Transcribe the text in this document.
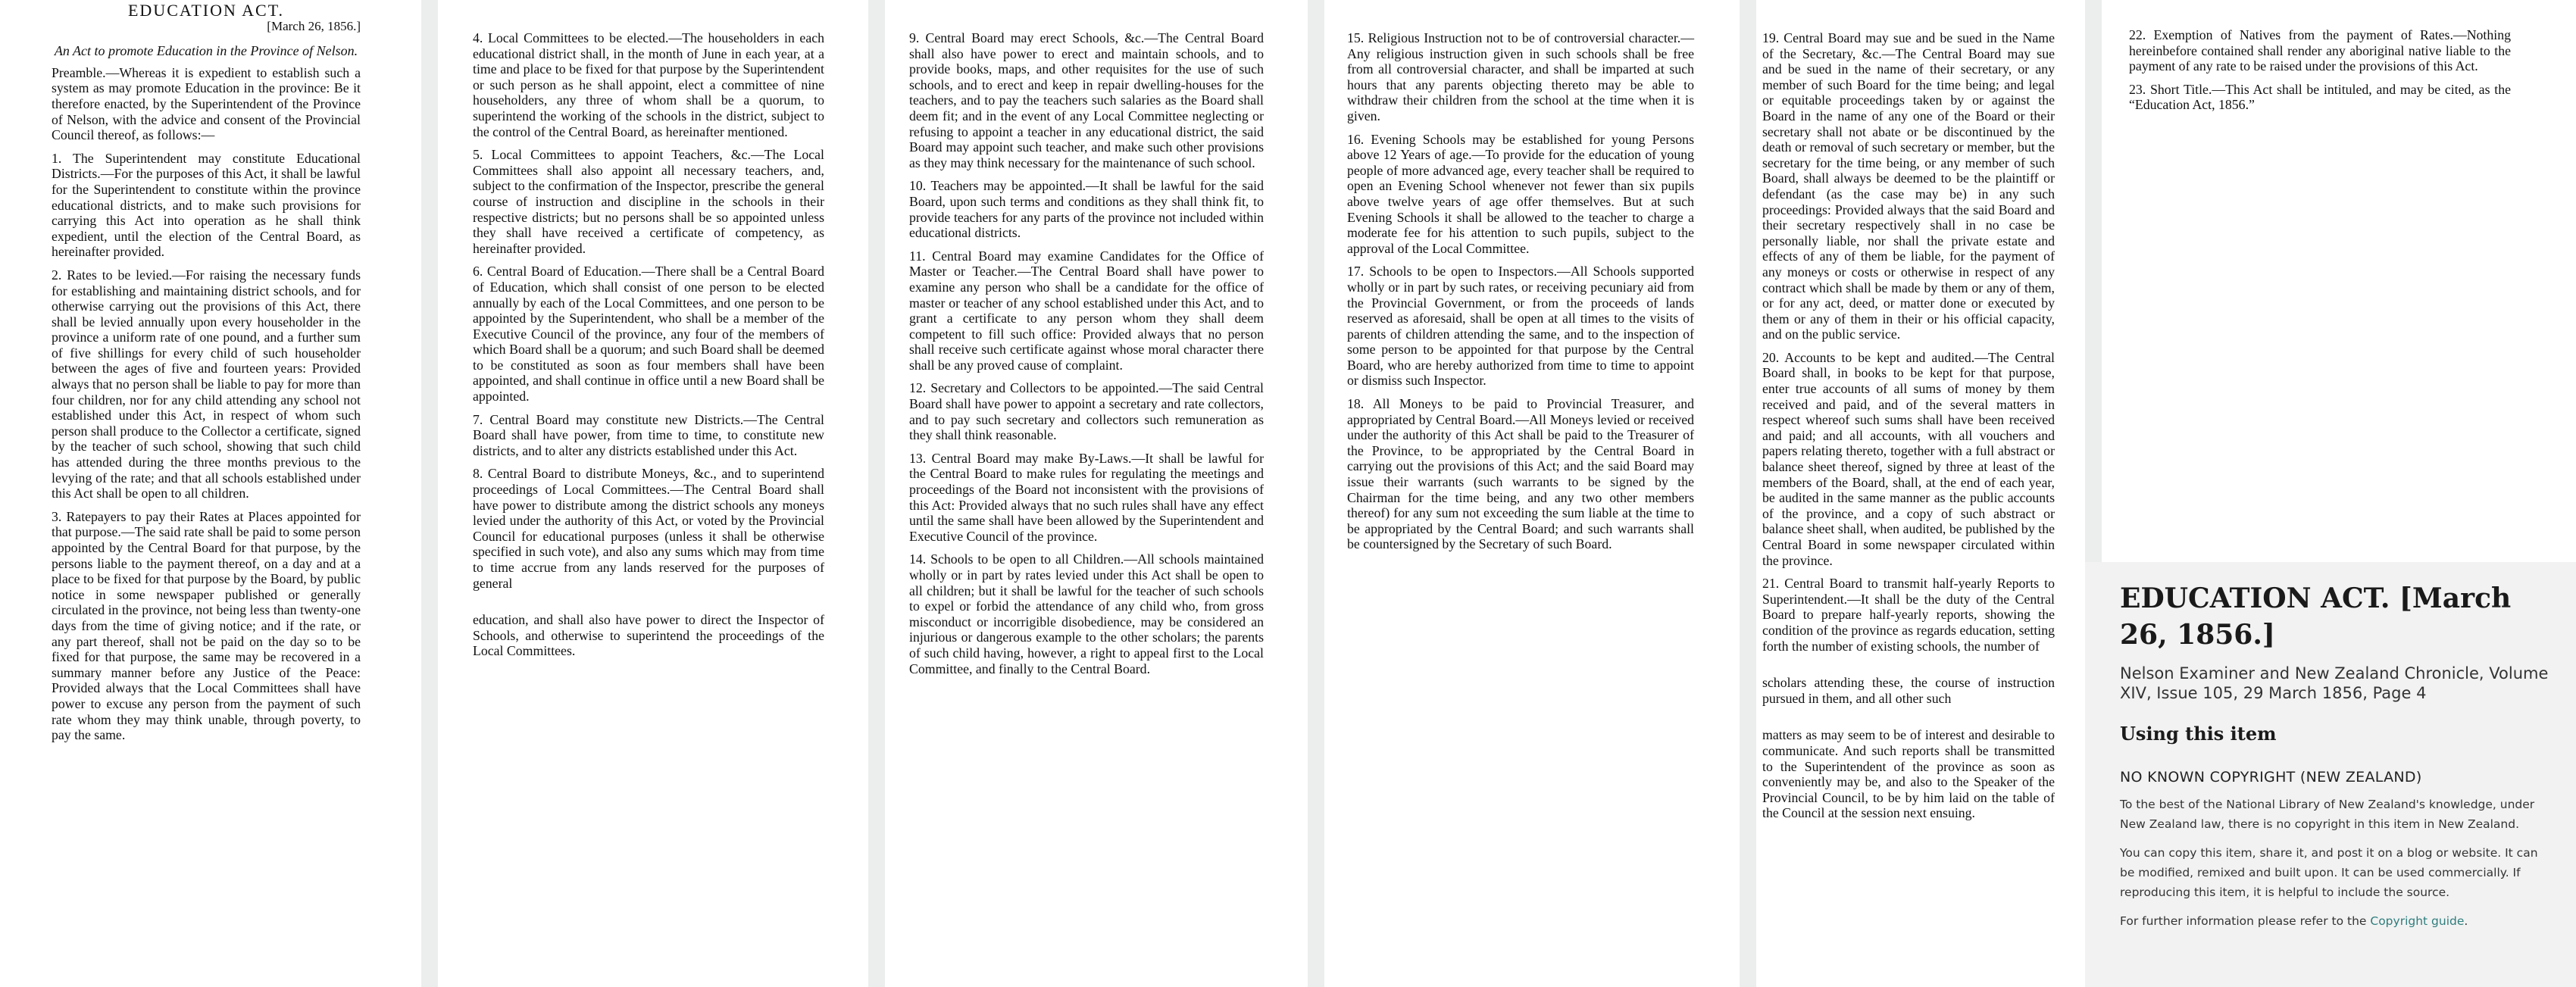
EDUCATION ACT.

[March 26, 1856.]

An Act to promote Education in the Province of Nelson.

Preamble.—Whereas it is expedient to establish such a system as may promote Education in the province: Be it therefore enacted, by the Superintendent of the Province of Nelson, with the advice and consent of the Provincial Council thereof, as follows:—

1. The Superintendent may constitute Educational Districts.—For the purposes of this Act, it shall be lawful for the Superintendent to constitute within the province educational districts, and to make such provisions for carrying this Act into operation as he shall think expedient, until the election of the Central Board, as hereinafter provided.

2. Rates to be levied.—For raising the necessary funds for establishing and maintaining district schools, and for otherwise carrying out the provisions of this Act, there shall be levied annually upon every householder in the province a uniform rate of one pound, and a further sum of five shillings for every child of such householder between the ages of five and fourteen years: Provided always that no person shall be liable to pay for more than four children, nor for any child attending any school not established under this Act, in respect of whom such person shall produce to the Collector a certificate, signed by the teacher of such school, showing that such child has attended during the three months previous to the levying of the rate; and that all schools established under this Act shall be open to all children.

3. Ratepayers to pay their Rates at Places appointed for that purpose.—The said rate shall be paid to some person appointed by the Central Board for that purpose, by the persons liable to the payment thereof, on a day and at a place to be fixed for that purpose by the Board, by public notice in some newspaper published or generally circulated in the province, not being less than twenty-one days from the time of giving notice; and if the rate, or any part thereof, shall not be paid on the day so to be fixed for that purpose, the same may be recovered in a summary manner before any Justice of the Peace: Provided always that the Local Committees shall have power to excuse any person from the payment of such rate whom they may think unable, through poverty, to pay the same.

4. Local Committees to be elected.—The householders in each educational district shall, in the month of June in each year, at a time and place to be fixed for that purpose by the Superintendent or such person as he shall appoint, elect a committee of nine householders, any three of whom shall be a quorum, to superintend the working of the schools in the district, subject to the control of the Central Board, as hereinafter mentioned.

5. Local Committees to appoint Teachers, &c.—The Local Committees shall also appoint all necessary teachers, and, subject to the confirmation of the Inspector, prescribe the general course of instruction and discipline in the schools in their respective districts; but no persons shall be so appointed unless they shall have received a certificate of competency, as hereinafter provided.

6. Central Board of Education.—There shall be a Central Board of Education, which shall consist of one person to be elected annually by each of the Local Committees, and one person to be appointed by the Superintendent, who shall be a member of the Executive Council of the province, any four of the members of which Board shall be a quorum; and such Board shall be deemed to be constituted as soon as four members shall have been appointed, and shall continue in office until a new Board shall be appointed.

7. Central Board may constitute new Districts.—The Central Board shall have power, from time to time, to constitute new districts, and to alter any districts established under this Act.

8. Central Board to distribute Moneys, &c., and to superintend proceedings of Local Committees.—The Central Board shall have power to distribute among the district schools any moneys levied under the authority of this Act, or voted by the Provincial Council for educational purposes (unless it shall be otherwise specified in such vote), and also any sums which may from time to time accrue from any lands reserved for the purposes of general

education, and shall also have power to direct the Inspector of Schools, and otherwise to superintend the proceedings of the Local Committees.

9. Central Board may erect Schools, &c.—The Central Board shall also have power to erect and maintain schools, and to provide books, maps, and other requisites for the use of such schools, and to erect and keep in repair dwelling-houses for the teachers, and to pay the teachers such salaries as the Board shall deem fit; and in the event of any Local Committee neglecting or refusing to appoint a teacher in any educational district, the said Board may appoint such teacher, and make such other provisions as they may think necessary for the maintenance of such school.

10. Teachers may be appointed.—It shall be lawful for the said Board, upon such terms and conditions as they shall think fit, to provide teachers for any parts of the province not included within educational districts.

11. Central Board may examine Candidates for the Office of Master or Teacher.—The Central Board shall have power to examine any person who shall be a candidate for the office of master or teacher of any school established under this Act, and to grant a certificate to any person whom they shall deem competent to fill such office: Provided always that no person shall receive such certificate against whose moral character there shall be any proved cause of complaint.

12. Secretary and Collectors to be appointed.—The said Central Board shall have power to appoint a secretary and rate collectors, and to pay such secretary and collectors such remuneration as they shall think reasonable.

13. Central Board may make By-Laws.—It shall be lawful for the Central Board to make rules for regulating the meetings and proceedings of the Board not inconsistent with the provisions of this Act: Provided always that no such rules shall have any effect until the same shall have been allowed by the Superintendent and Executive Council of the province.

14. Schools to be open to all Children.—All schools maintained wholly or in part by rates levied under this Act shall be open to all children; but it shall be lawful for the teacher of such schools to expel or forbid the attendance of any child who, from gross misconduct or incorrigible disobedience, may be considered an injurious or dangerous example to the other scholars; the parents of such child having, however, a right to appeal first to the Local Committee, and finally to the Central Board.

15. Religious Instruction not to be of controversial character.—Any religious instruction given in such schools shall be free from all controversial character, and shall be imparted at such hours that any parents objecting thereto may be able to withdraw their children from the school at the time when it is given.

16. Evening Schools may be established for young Persons above 12 Years of age.—To provide for the education of young people of more advanced age, every teacher shall be required to open an Evening School whenever not fewer than six pupils above twelve years of age offer themselves. But at such Evening Schools it shall be allowed to the teacher to charge a moderate fee for his attention to such pupils, subject to the approval of the Local Committee.

17. Schools to be open to Inspectors.—All Schools supported wholly or in part by such rates, or receiving pecuniary aid from the Provincial Government, or from the proceeds of lands reserved as aforesaid, shall be open at all times to the visits of parents of children attending the same, and to the inspection of some person to be appointed for that purpose by the Central Board, who are hereby authorized from time to time to appoint or dismiss such Inspector.

18. All Moneys to be paid to Provincial Treasurer, and appropriated by Central Board.—All Moneys levied or received under the authority of this Act shall be paid to the Treasurer of the Province, to be appropriated by the Central Board in carrying out the provisions of this Act; and the said Board may issue their warrants (such warrants to be signed by the Chairman for the time being, and any two other members thereof) for any sum not exceeding the sum liable at the time to be appropriated by the Central Board; and such warrants shall be countersigned by the Secretary of such Board.

19. Central Board may sue and be sued in the Name of the Secretary, &c.—The Central Board may sue and be sued in the name of their secretary, or any member of such Board for the time being; and legal or equitable proceedings taken by or against the Board in the name of any one of the Board or their secretary shall not abate or be discontinued by the death or removal of such secretary or member, but the secretary for the time being, or any member of such Board, shall always be deemed to be the plaintiff or defendant (as the case may be) in any such proceedings: Provided always that the said Board and their secretary respectively shall in no case be personally liable, nor shall the private estate and effects of any of them be liable, for the payment of any moneys or costs or otherwise in respect of any contract which shall be made by them or any of them, or for any act, deed, or matter done or executed by them or any of them in their or his official capacity, and on the public service.

20. Accounts to be kept and audited.—The Central Board shall, in books to be kept for that purpose, enter true accounts of all sums of money by them received and paid, and of the several matters in respect whereof such sums shall have been received and paid; and all accounts, with all vouchers and papers relating thereto, together with a full abstract or balance sheet thereof, signed by three at least of the members of the Board, shall, at the end of each year, be audited in the same manner as the public accounts of the province, and a copy of such abstract or balance sheet shall, when audited, be published by the Central Board in some newspaper circulated within the province.

21. Central Board to transmit half-yearly Reports to Superintendent.—It shall be the duty of the Central Board to prepare half-yearly reports, showing the condition of the province as regards education, setting forth the number of existing schools, the number of

scholars attending these, the course of instruction pursued in them, and all other such

matters as may seem to be of interest and desirable to communicate. And such reports shall be transmitted to the Superintendent of the province as soon as conveniently may be, and also to the Speaker of the Provincial Council, to be by him laid on the table of the Council at the session next ensuing.

22. Exemption of Natives from the payment of Rates.—Nothing hereinbefore contained shall render any aboriginal native liable to the payment of any rate to be raised under the provisions of this Act.

23. Short Title.—This Act shall be intituled, and may be cited, as the “Education Act, 1856.”

EDUCATION ACT. [March 26, 1856.]
Nelson Examiner and New Zealand Chronicle, Volume XIV, Issue 105, 29 March 1856, Page 4
Using this item
NO KNOWN COPYRIGHT (NEW ZEALAND)
To the best of the National Library of New Zealand's knowledge, under New Zealand law, there is no copyright in this item in New Zealand.
You can copy this item, share it, and post it on a blog or website. It can be modified, remixed and built upon. It can be used commercially. If reproducing this item, it is helpful to include the source.
For further information please refer to the Copyright guide.
